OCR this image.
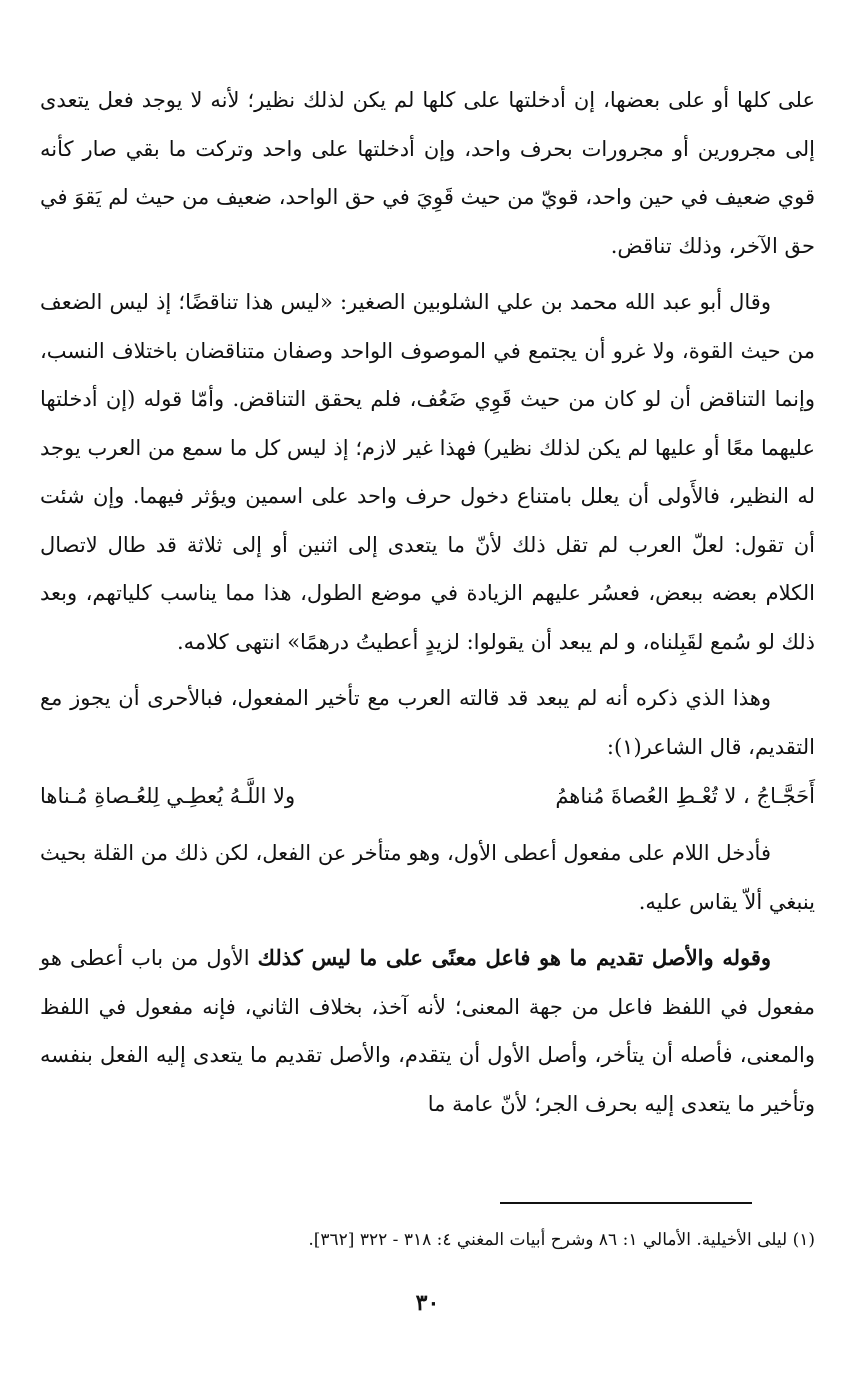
على كلها أو على بعضها، إن أدخلتها على كلها لم يكن لذلك نظير؛ لأنه لا يوجد فعل يتعدى إلى مجرورين أو مجرورات بحرف واحد، وإن أدخلتها على واحد وتركت ما بقي صار كأنه قوي ضعيف في حين واحد، قويّ من حيث قَوِيَ في حق الواحد، ضعيف من حيث لم يَقوَ في حق الآخر، وذلك تناقض.

وقال أبو عبد الله محمد بن علي الشلوبين الصغير: «ليس هذا تناقضًا؛ إذ ليس الضعف من حيث القوة، ولا غرو أن يجتمع في الموصوف الواحد وصفان متناقضان باختلاف النسب، وإنما التناقض أن لو كان من حيث قَوِي ضَعُف، فلم يحقق التناقض. وأمّا قوله (إن أدخلتها عليهما معًا أو عليها لم يكن لذلك نظير) فهذا غير لازم؛ إذ ليس كل ما سمع من العرب يوجد له النظير، فالأَولى أن يعلل بامتناع دخول حرف واحد على اسمين ويؤثر فيهما. وإن شئت أن تقول: لعلّ العرب لم تقل ذلك لأنّ ما يتعدى إلى اثنين أو إلى ثلاثة قد طال لاتصال الكلام بعضه ببعض، فعسُر عليهم الزيادة في موضع الطول، هذا مما يناسب كلياتهم، وبعد ذلك لو سُمع لقَبِلناه، و لم يبعد أن يقولوا: لزيدٍ أعطيتُ درهمًا» انتهى كلامه.

وهذا الذي ذكره أنه لم يبعد قد قالته العرب مع تأخير المفعول، فبالأحرى أن يجوز مع التقديم، قال الشاعر(١):

أَحَجَّـاجُ ، لا تُعْـطِ العُصاةَ مُناهمُ
ولا اللَّـهُ يُعطِـي لِلعُـصاةِ مُـناها

فأدخل اللام على مفعول أعطى الأول، وهو متأخر عن الفعل، لكن ذلك من القلة بحيث ينبغي ألاّ يقاس عليه.

وقوله والأصل تقديم ما هو فاعل معنًى على ما ليس كذلك الأول من باب أعطى هو مفعول في اللفظ فاعل من جهة المعنى؛ لأنه آخذ، بخلاف الثاني، فإنه مفعول في اللفظ والمعنى، فأصله أن يتأخر، وأصل الأول أن يتقدم، والأصل تقديم ما يتعدى إليه الفعل بنفسه وتأخير ما يتعدى إليه بحرف الجر؛ لأنّ عامة ما

(١) ليلى الأخيلية. الأمالي ١: ٨٦ وشرح أبيات المغني ٤: ٣١٨ - ٣٢٢ [٣٦٢].
٣٠
